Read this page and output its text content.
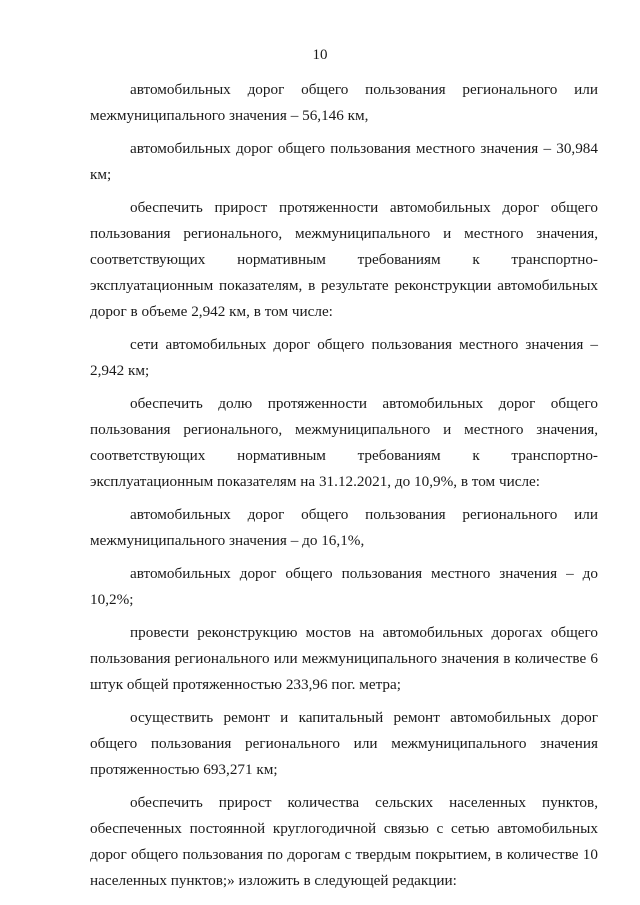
10

автомобильных дорог общего пользования регионального или межмуниципального значения – 56,146 км,

автомобильных дорог общего пользования местного значения – 30,984 км;

обеспечить прирост протяженности автомобильных дорог общего пользования регионального, межмуниципального и местного значения, соответствующих нормативным требованиям к транспортно-эксплуатационным показателям, в результате реконструкции автомобильных дорог в объеме 2,942 км, в том числе:

сети автомобильных дорог общего пользования местного значения – 2,942 км;

обеспечить долю протяженности автомобильных дорог общего пользования регионального, межмуниципального и местного значения, соответствующих нормативным требованиям к транспортно-эксплуатационным показателям на 31.12.2021, до 10,9%, в том числе:

автомобильных дорог общего пользования регионального или межмуниципального значения – до 16,1%,

автомобильных дорог общего пользования местного значения – до 10,2%;

провести реконструкцию мостов на автомобильных дорогах общего пользования регионального или межмуниципального значения в количестве 6 штук общей протяженностью 233,96 пог. метра;

осуществить ремонт и капитальный ремонт автомобильных дорог общего пользования регионального или межмуниципального значения протяженностью 693,271 км;

обеспечить прирост количества сельских населенных пунктов, обеспеченных постоянной круглогодичной связью с сетью автомобильных дорог общего пользования по дорогам с твердым покрытием, в количестве 10 населенных пунктов;» изложить в следующей редакции:
